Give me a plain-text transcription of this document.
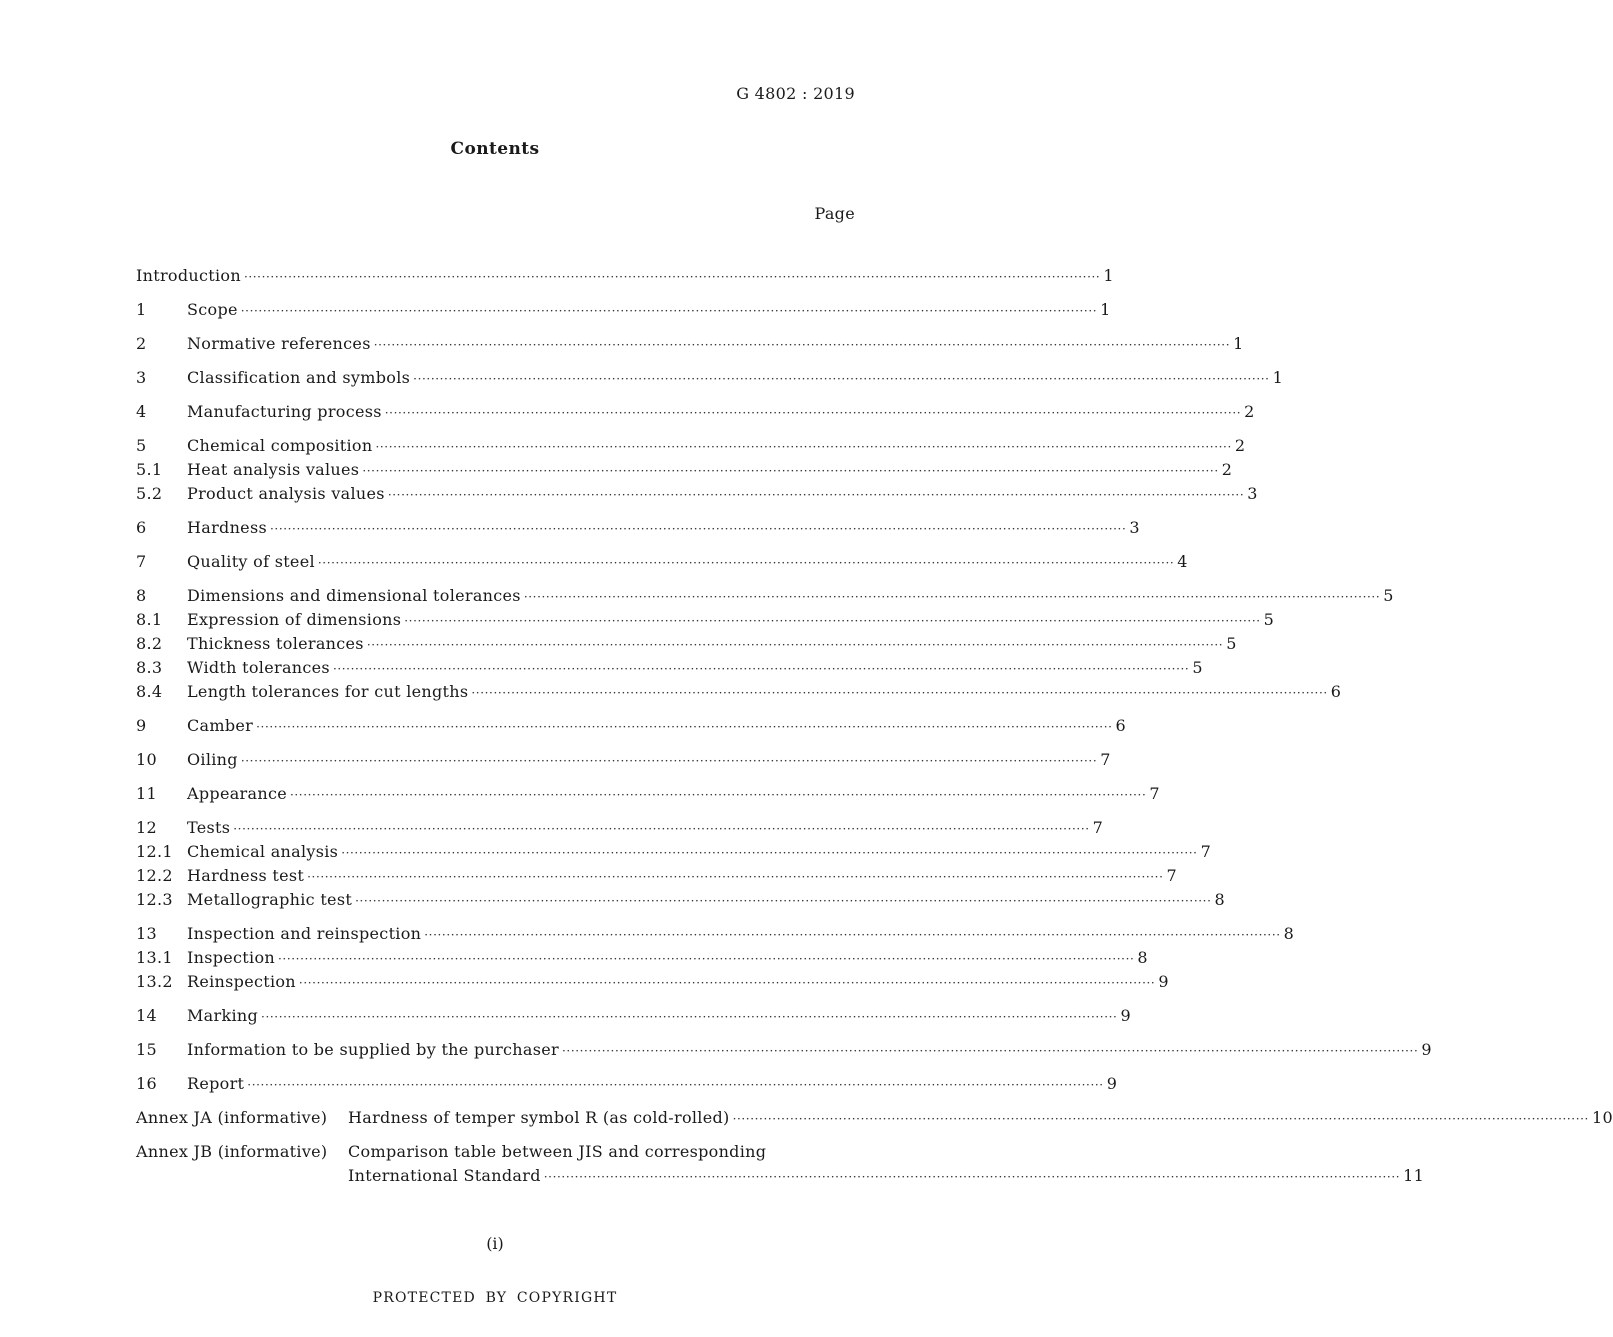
G 4802 : 2019
Contents
Page
Introduction ·····	1
1	Scope ·····	1
2	Normative references ·····	1
3	Classification and symbols ·····	1
4	Manufacturing process ·····	2
5	Chemical composition ·····	2
5.1	Heat analysis values ·····	2
5.2	Product analysis values ·····	3
6	Hardness ·····	3
7	Quality of steel ·····	4
8	Dimensions and dimensional tolerances ·····	5
8.1	Expression of dimensions ·····	5
8.2	Thickness tolerances ·····	5
8.3	Width tolerances ·····	5
8.4	Length tolerances for cut lengths ·····	6
9	Camber ·····	6
10	Oiling ·····	7
11	Appearance ·····	7
12	Tests ·····	7
12.1 Chemical analysis ·····	7
12.2 Hardness test ·····	7
12.3 Metallographic test ·····	8
13	Inspection and reinspection ·····	8
13.1 Inspection ·····	8
13.2 Reinspection ·····	9
14	Marking ·····	9
15	Information to be supplied by the purchaser ·····	9
16	Report ·····	9
Annex JA (informative)	Hardness of temper symbol R (as cold-rolled) ·····	10
Annex JB (informative)	Comparison table between JIS and corresponding
International Standard ·····	11
(i)
PROTECTED BY COPYRIGHT
